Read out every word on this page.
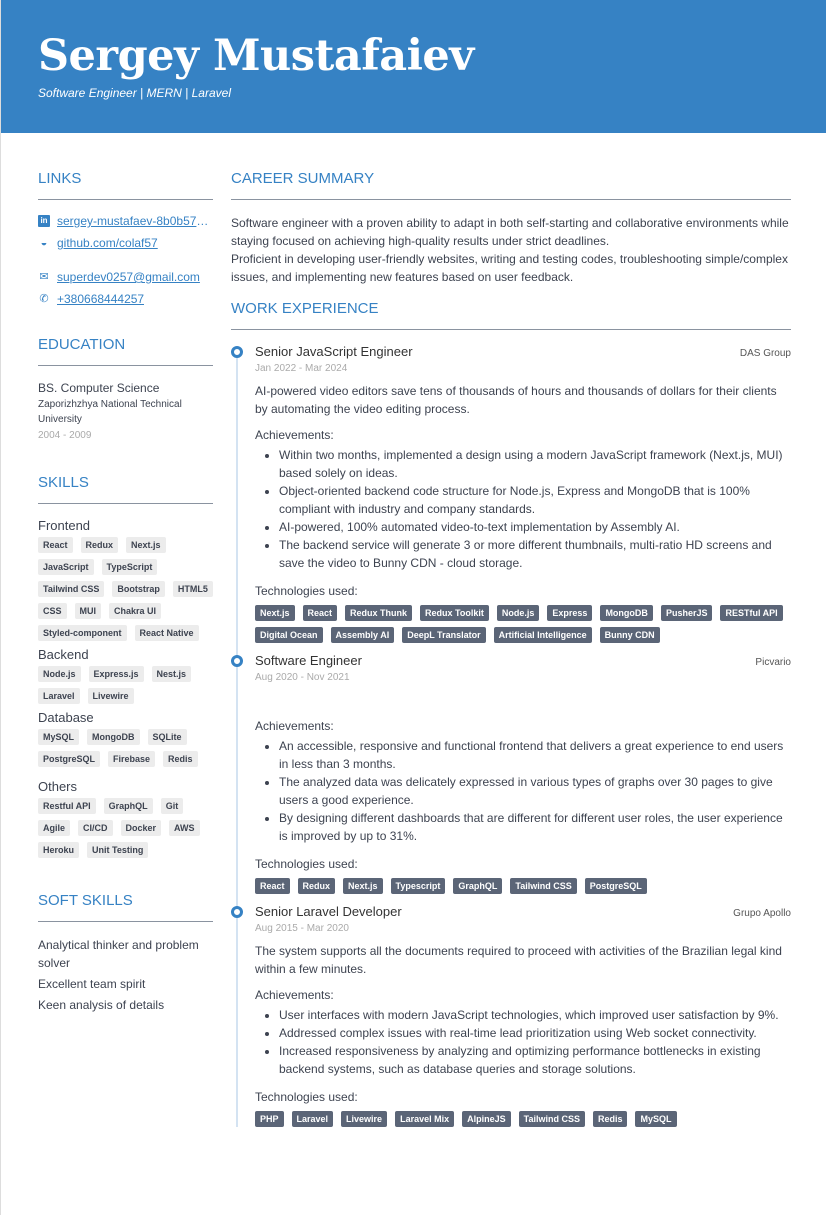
Sergey Mustafaiev
Software Engineer | MERN | Laravel
LINKS
in sergey-mustafaev-8b0b571...
◒ github.com/colaf57
✉ superdev0257@gmail.com
✆ +380668444257
EDUCATION

BS. Computer Science

Zaporizhzhya National Technical University

2004 - 2009

SKILLS
Frontend
React	Redux	Next.js
JavaScript	TypeScript
Tailwind CSS	Bootstrap	HTML5
CSS	MUI	Chakra UI
Styled-component	React Native
Backend
Node.js	Express.js	Nest.js
Laravel	Livewire
Database
MySQL	MongoDB	SQLite
PostgreSQL	Firebase	Redis
Others
Restful API	GraphQL	Git
Agile	CI/CD	Docker	AWS
Heroku	Unit Testing
SOFT SKILLS

Analytical thinker and problem solver

Excellent team spirit

Keen analysis of details

CAREER SUMMARY
Software engineer with a proven ability to adapt in both self-starting and collaborative environments while staying focused on achieving high-quality results under strict deadlines.
Proficient in developing user-friendly websites, writing and testing codes, troubleshooting simple/complex issues, and implementing new features based on user feedback.
WORK EXPERIENCE
Senior JavaScript Engineer	DAS Group
Jan 2022 - Mar 2024
AI-powered video editors save tens of thousands of hours and thousands of dollars for their clients by automating the video editing process.
Achievements:
• Within two months, implemented a design using a modern JavaScript framework (Next.js, MUI) based solely on ideas.
• Object-oriented backend code structure for Node.js, Express and MongoDB that is 100% compliant with industry and company standards.
• AI-powered, 100% automated video-to-text implementation by Assembly AI.
• The backend service will generate 3 or more different thumbnails, multi-ratio HD screens and save the video to Bunny CDN - cloud storage.
Technologies used:
Next.js	React	Redux Thunk	Redux Toolkit	Node.js	Express	MongoDB	PusherJS	RESTful API
Digital Ocean	Assembly AI	DeepL Translator	Artificial Intelligence	Bunny CDN
Software Engineer	Picvario
Aug 2020 - Nov 2021
Achievements:
• An accessible, responsive and functional frontend that delivers a great experience to end users in less than 3 months.
• The analyzed data was delicately expressed in various types of graphs over 30 pages to give users a good experience.
• By designing different dashboards that are different for different user roles, the user experience is improved by up to 31%.
Technologies used:
React	Redux	Next.js	Typescript	GraphQL	Tailwind CSS	PostgreSQL
Senior Laravel Developer	Grupo Apollo
Aug 2015 - Mar 2020
The system supports all the documents required to proceed with activities of the Brazilian legal kind within a few minutes.
Achievements:
• User interfaces with modern JavaScript technologies, which improved user satisfaction by 9%.
• Addressed complex issues with real-time lead prioritization using Web socket connectivity.
• Increased responsiveness by analyzing and optimizing performance bottlenecks in existing backend systems, such as database queries and storage solutions.
Technologies used:
PHP	Laravel	Livewire	Laravel Mix	AlpineJS	Tailwind CSS	Redis	MySQL
